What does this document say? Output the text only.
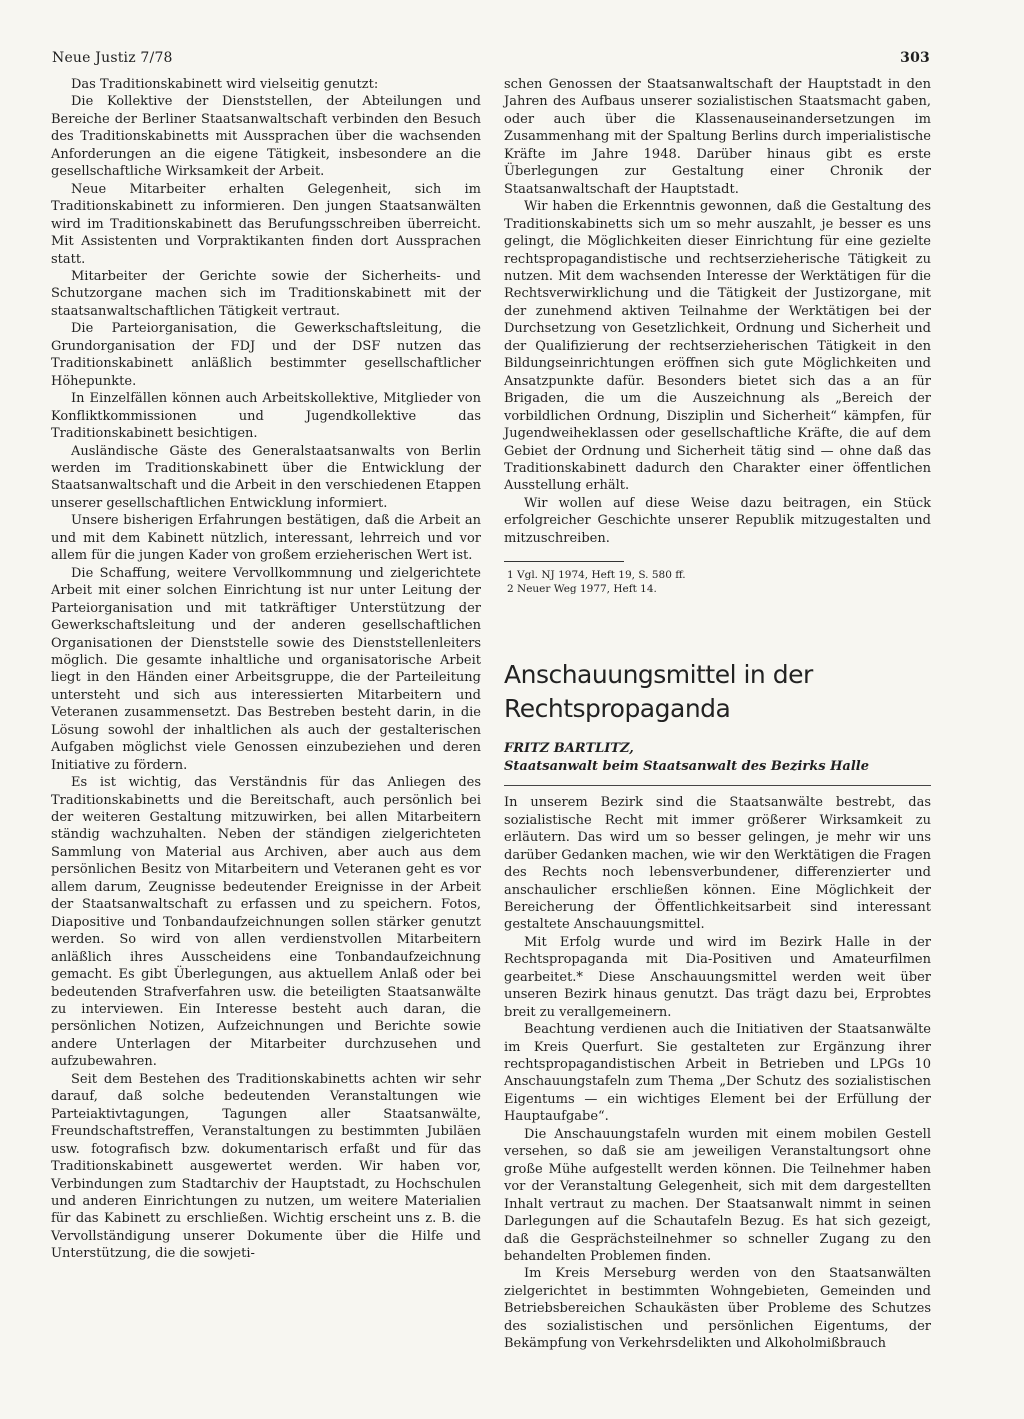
Neue Justiz 7/78	303

Das Traditionskabinett wird vielseitig genutzt:

Die Kollektive der Dienststellen, der Abteilungen und Bereiche der Berliner Staatsanwaltschaft verbinden den Besuch des Traditionskabinetts mit Aussprachen über die wachsenden Anforderungen an die eigene Tätigkeit, insbesondere an die gesellschaftliche Wirksamkeit der Arbeit.

Neue Mitarbeiter erhalten Gelegenheit, sich im Traditionskabinett zu informieren. Den jungen Staatsanwälten wird im Traditionskabinett das Berufungsschreiben überreicht. Mit Assistenten und Vorpraktikanten finden dort Aussprachen statt.

Mitarbeiter der Gerichte sowie der Sicherheits- und Schutzorgane machen sich im Traditionskabinett mit der staatsanwaltschaftlichen Tätigkeit vertraut.

Die Parteiorganisation, die Gewerkschaftsleitung, die Grundorganisation der FDJ und der DSF nutzen das Traditionskabinett anläßlich bestimmter gesellschaftlicher Höhepunkte.

In Einzelfällen können auch Arbeitskollektive, Mitglieder von Konfliktkommissionen und Jugendkollektive das Traditionskabinett besichtigen.

Ausländische Gäste des Generalstaatsanwalts von Berlin werden im Traditionskabinett über die Entwicklung der Staatsanwaltschaft und die Arbeit in den verschiedenen Etappen unserer gesellschaftlichen Entwicklung informiert.

Unsere bisherigen Erfahrungen bestätigen, daß die Arbeit an und mit dem Kabinett nützlich, interessant, lehrreich und vor allem für die jungen Kader von großem erzieherischen Wert ist.

Die Schaffung, weitere Vervollkommnung und zielgerichtete Arbeit mit einer solchen Einrichtung ist nur unter Leitung der Parteiorganisation und mit tatkräftiger Unterstützung der Gewerkschaftsleitung und der anderen gesellschaftlichen Organisationen der Dienststelle sowie des Dienststellenleiters möglich. Die gesamte inhaltliche und organisatorische Arbeit liegt in den Händen einer Arbeitsgruppe, die der Parteileitung untersteht und sich aus interessierten Mitarbeitern und Veteranen zusammensetzt. Das Bestreben besteht darin, in die Lösung sowohl der inhaltlichen als auch der gestalterischen Aufgaben möglichst viele Genossen einzubeziehen und deren Initiative zu fördern.

Es ist wichtig, das Verständnis für das Anliegen des Traditionskabinetts und die Bereitschaft, auch persönlich bei der weiteren Gestaltung mitzuwirken, bei allen Mitarbeitern ständig wachzuhalten. Neben der ständigen zielgerichteten Sammlung von Material aus Archiven, aber auch aus dem persönlichen Besitz von Mitarbeitern und Veteranen geht es vor allem darum, Zeugnisse bedeutender Ereignisse in der Arbeit der Staatsanwaltschaft zu erfassen und zu speichern. Fotos, Diapositive und Tonbandaufzeichnungen sollen stärker genutzt werden. So wird von allen verdienstvollen Mitarbeitern anläßlich ihres Ausscheidens eine Tonbandaufzeichnung gemacht. Es gibt Überlegungen, aus aktuellem Anlaß oder bei bedeutenden Strafverfahren usw. die beteiligten Staatsanwälte zu interviewen. Ein Interesse besteht auch daran, die persönlichen Notizen, Aufzeichnungen und Berichte sowie andere Unterlagen der Mitarbeiter durchzusehen und aufzubewahren.

Seit dem Bestehen des Traditionskabinetts achten wir sehr darauf, daß solche bedeutenden Veranstaltungen wie Parteiaktivtagungen, Tagungen aller Staatsanwälte, Freundschaftstreffen, Veranstaltungen zu bestimmten Jubiläen usw. fotografisch bzw. dokumentarisch erfaßt und für das Traditionskabinett ausgewertet werden. Wir haben vor, Verbindungen zum Stadtarchiv der Hauptstadt, zu Hochschulen und anderen Einrichtungen zu nutzen, um weitere Materialien für das Kabinett zu erschließen. Wichtig erscheint uns z. B. die Vervollständigung unserer Dokumente über die Hilfe und Unterstützung, die die sowjeti-

schen Genossen der Staatsanwaltschaft der Hauptstadt in den Jahren des Aufbaus unserer sozialistischen Staatsmacht gaben, oder auch über die Klassenauseinandersetzungen im Zusammenhang mit der Spaltung Berlins durch imperialistische Kräfte im Jahre 1948. Darüber hinaus gibt es erste Überlegungen zur Gestaltung einer Chronik der Staatsanwaltschaft der Hauptstadt.

Wir haben die Erkenntnis gewonnen, daß die Gestaltung des Traditionskabinetts sich um so mehr auszahlt, je besser es uns gelingt, die Möglichkeiten dieser Einrichtung für eine gezielte rechtspropagandistische und rechtserzieherische Tätigkeit zu nutzen. Mit dem wachsenden Interesse der Werktätigen für die Rechtsverwirklichung und die Tätigkeit der Justizorgane, mit der zunehmend aktiven Teilnahme der Werktätigen bei der Durchsetzung von Gesetzlichkeit, Ordnung und Sicherheit und der Qualifizierung der rechtserzieherischen Tätigkeit in den Bildungseinrichtungen eröffnen sich gute Möglichkeiten und Ansatzpunkte dafür. Besonders bietet sich das a an für Brigaden, die um die Auszeichnung als „Bereich der vorbildlichen Ordnung, Disziplin und Sicherheit“ kämpfen, für Jugendweiheklassen oder gesellschaftliche Kräfte, die auf dem Gebiet der Ordnung und Sicherheit tätig sind — ohne daß das Traditionskabinett dadurch den Charakter einer öffentlichen Ausstellung erhält.

Wir wollen auf diese Weise dazu beitragen, ein Stück erfolgreicher Geschichte unserer Republik mitzugestalten und mitzuschreiben.

1 Vgl. NJ 1974, Heft 19, S. 580 ff.

2 Neuer Weg 1977, Heft 14.

Anschauungsmittel in der
Rechtspropaganda

FRITZ BARTLITZ,

Staatsanwalt beim Staatsanwalt des Bezirks Halle

In unserem Bezirk sind die Staatsanwälte bestrebt, das sozialistische Recht mit immer größerer Wirksamkeit zu erläutern. Das wird um so besser gelingen, je mehr wir uns darüber Gedanken machen, wie wir den Werktätigen die Fragen des Rechts noch lebensverbundener, differenzierter und anschaulicher erschließen können. Eine Möglichkeit der Bereicherung der Öffentlichkeitsarbeit sind interessant gestaltete Anschauungsmittel.

Mit Erfolg wurde und wird im Bezirk Halle in der Rechtspropaganda mit Dia-Positiven und Amateurfilmen gearbeitet.* Diese Anschauungsmittel werden weit über unseren Bezirk hinaus genutzt. Das trägt dazu bei, Erprobtes breit zu verallgemeinern.

Beachtung verdienen auch die Initiativen der Staatsanwälte im Kreis Querfurt. Sie gestalteten zur Ergänzung ihrer rechtspropagandistischen Arbeit in Betrieben und LPGs 10 Anschauungstafeln zum Thema „Der Schutz des sozialistischen Eigentums — ein wichtiges Element bei der Erfüllung der Hauptaufgabe“.

Die Anschauungstafeln wurden mit einem mobilen Gestell versehen, so daß sie am jeweiligen Veranstaltungsort ohne große Mühe aufgestellt werden können. Die Teilnehmer haben vor der Veranstaltung Gelegenheit, sich mit dem dargestellten Inhalt vertraut zu machen. Der Staatsanwalt nimmt in seinen Darlegungen auf die Schautafeln Bezug. Es hat sich gezeigt, daß die Gesprächsteilnehmer so schneller Zugang zu den behandelten Problemen finden.

Im Kreis Merseburg werden von den Staatsanwälten zielgerichtet in bestimmten Wohngebieten, Gemeinden und Betriebsbereichen Schaukästen über Probleme des Schutzes des sozialistischen und persönlichen Eigentums, der Bekämpfung von Verkehrsdelikten und Alkoholmißbrauch
